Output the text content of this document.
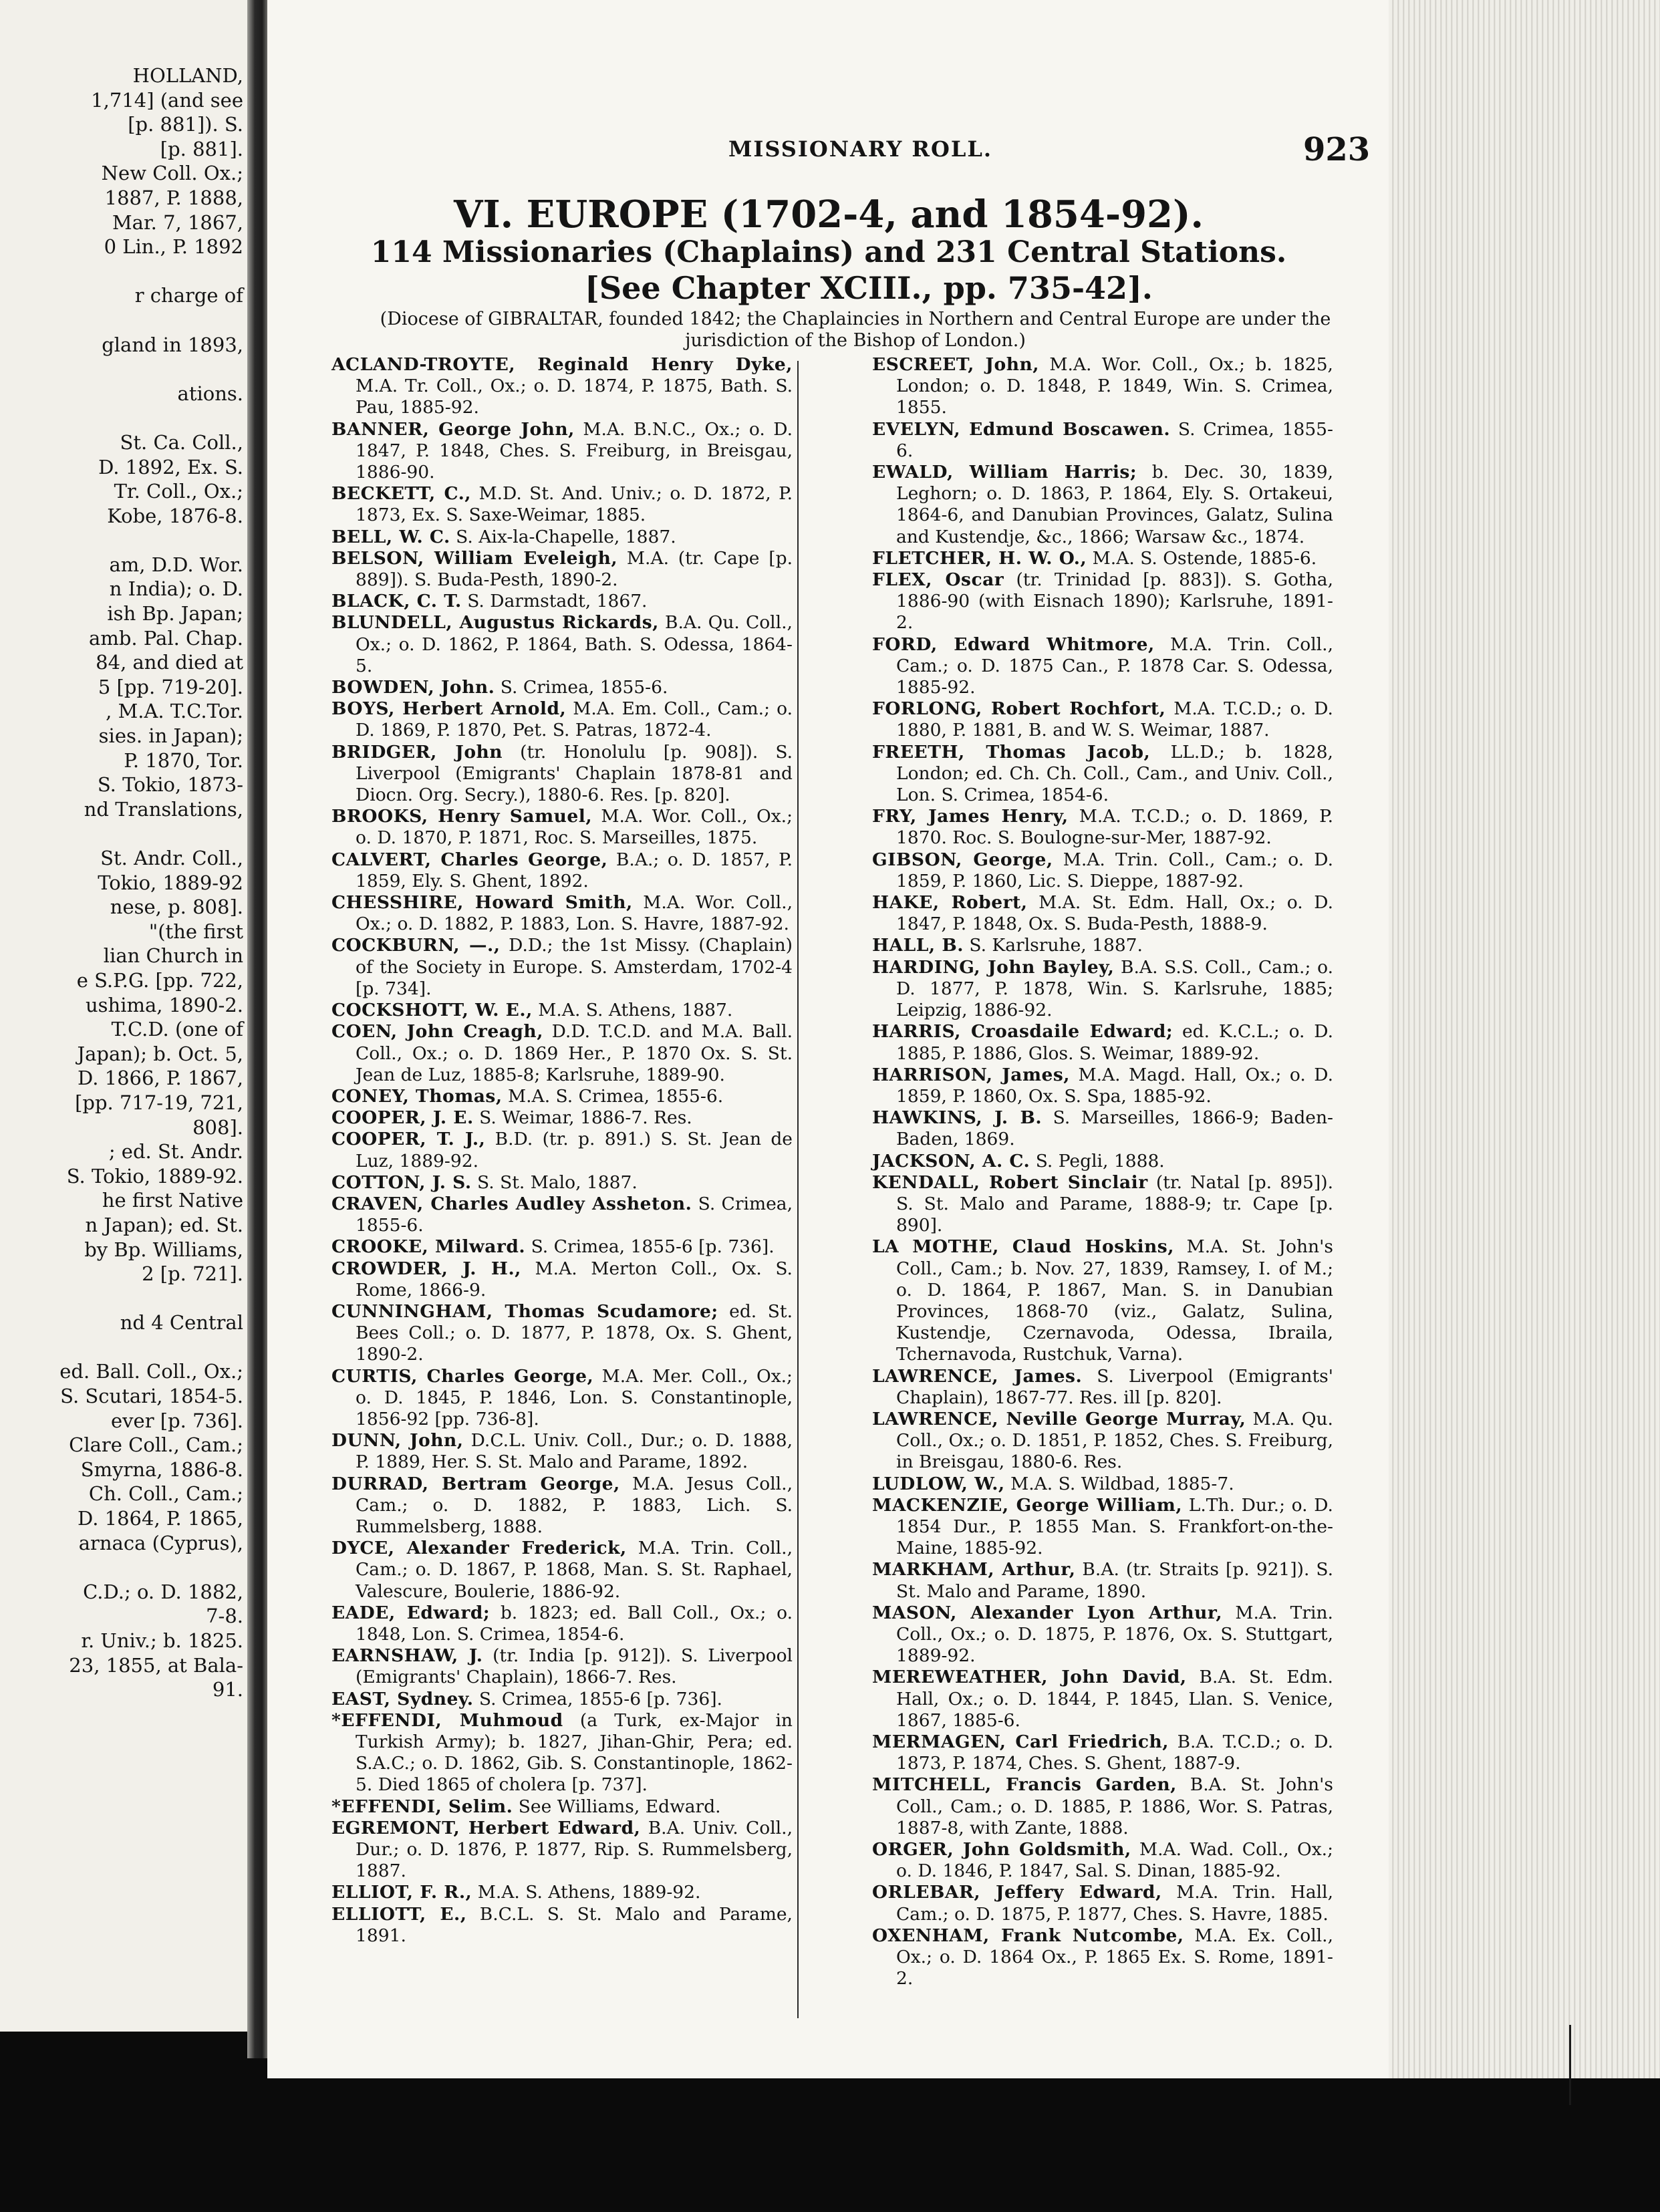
HOLLAND,
1,714] (and see
[p. 881]). S.
[p. 881].
New Coll. Ox.;
1887, P. 1888,
Mar. 7, 1867,
0 Lin., P. 1892

r charge of

gland in 1893,

ations.

St. Ca. Coll.,
D. 1892, Ex. S.
Tr. Coll., Ox.;
Kobe, 1876-8.

am, D.D. Wor.
n India); o. D.
ish Bp. Japan;
amb. Pal. Chap.
84, and died at
5 [pp. 719-20].
, M.A. T.C.Tor.
sies. in Japan);
P. 1870, Tor.
S. Tokio, 1873-
nd Translations,

St. Andr. Coll.,
Tokio, 1889-92
nese, p. 808].
"(the first
lian Church in
e S.P.G. [pp. 722,
ushima, 1890-2.
T.C.D. (one of
Japan); b. Oct. 5,
D. 1866, P. 1867,
[pp. 717-19, 721,
808].
; ed. St. Andr.
S. Tokio, 1889-92.
he first Native
n Japan); ed. St.
by Bp. Williams,
2 [p. 721].

nd 4 Central

ed. Ball. Coll., Ox.;
S. Scutari, 1854-5.
ever [p. 736].
Clare Coll., Cam.;
Smyrna, 1886-8.
Ch. Coll., Cam.;
D. 1864, P. 1865,
arnaca (Cyprus),

C.D.; o. D. 1882,
7-8.
r. Univ.; b. 1825.
23, 1855, at Bala-
91.
MISSIONARY ROLL.	923
VI. EUROPE (1702-4, and 1854-92).
114 Missionaries (Chaplains) and 231 Central Stations.
[See Chapter XCIII., pp. 735-42].
(Diocese of GIBRALTAR, founded 1842; the Chaplaincies in Northern and Central Europe are under the jurisdiction of the Bishop of London.)
ACLAND-TROYTE, Reginald Henry Dyke, M.A. Tr. Coll., Ox.; o. D. 1874, P. 1875, Bath. S. Pau, 1885-92.
BANNER, George John, M.A. B.N.C., Ox.; o. D. 1847, P. 1848, Ches. S. Freiburg, in Breisgau, 1886-90.
BECKETT, C., M.D. St. And. Univ.; o. D. 1872, P. 1873, Ex. S. Saxe-Weimar, 1885.
BELL, W. C. S. Aix-la-Chapelle, 1887.
BELSON, William Eveleigh, M.A. (tr. Cape [p. 889]). S. Buda-Pesth, 1890-2.
BLACK, C. T. S. Darmstadt, 1867.
BLUNDELL, Augustus Rickards, B.A. Qu. Coll., Ox.; o. D. 1862, P. 1864, Bath. S. Odessa, 1864-5.
BOWDEN, John. S. Crimea, 1855-6.
BOYS, Herbert Arnold, M.A. Em. Coll., Cam.; o. D. 1869, P. 1870, Pet. S. Patras, 1872-4.
BRIDGER, John (tr. Honolulu [p. 908]). S. Liverpool (Emigrants' Chaplain 1878-81 and Diocn. Org. Secry.), 1880-6. Res. [p. 820].
BROOKS, Henry Samuel, M.A. Wor. Coll., Ox.; o. D. 1870, P. 1871, Roc. S. Marseilles, 1875.
CALVERT, Charles George, B.A.; o. D. 1857, P. 1859, Ely. S. Ghent, 1892.
CHESSHIRE, Howard Smith, M.A. Wor. Coll., Ox.; o. D. 1882, P. 1883, Lon. S. Havre, 1887-92.
COCKBURN, —., D.D.; the 1st Missy. (Chaplain) of the Society in Europe. S. Amsterdam, 1702-4 [p. 734].
COCKSHOTT, W. E., M.A. S. Athens, 1887.
COEN, John Creagh, D.D. T.C.D. and M.A. Ball. Coll., Ox.; o. D. 1869 Her., P. 1870 Ox. S. St. Jean de Luz, 1885-8; Karlsruhe, 1889-90.
CONEY, Thomas, M.A. S. Crimea, 1855-6.
COOPER, J. E. S. Weimar, 1886-7. Res.
COOPER, T. J., B.D. (tr. p. 891.) S. St. Jean de Luz, 1889-92.
COTTON, J. S. S. St. Malo, 1887.
CRAVEN, Charles Audley Assheton. S. Crimea, 1855-6.
CROOKE, Milward. S. Crimea, 1855-6 [p. 736].
CROWDER, J. H., M.A. Merton Coll., Ox. S. Rome, 1866-9.
CUNNINGHAM, Thomas Scudamore; ed. St. Bees Coll.; o. D. 1877, P. 1878, Ox. S. Ghent, 1890-2.
CURTIS, Charles George, M.A. Mer. Coll., Ox.; o. D. 1845, P. 1846, Lon. S. Constantinople, 1856-92 [pp. 736-8].
DUNN, John, D.C.L. Univ. Coll., Dur.; o. D. 1888, P. 1889, Her. S. St. Malo and Parame, 1892.
DURRAD, Bertram George, M.A. Jesus Coll., Cam.; o. D. 1882, P. 1883, Lich. S. Rummelsberg, 1888.
DYCE, Alexander Frederick, M.A. Trin. Coll., Cam.; o. D. 1867, P. 1868, Man. S. St. Raphael, Valescure, Boulerie, 1886-92.
EADE, Edward; b. 1823; ed. Ball Coll., Ox.; o. 1848, Lon. S. Crimea, 1854-6.
EARNSHAW, J. (tr. India [p. 912]). S. Liverpool (Emigrants' Chaplain), 1866-7. Res.
EAST, Sydney. S. Crimea, 1855-6 [p. 736].
*EFFENDI, Muhmoud (a Turk, ex-Major in Turkish Army); b. 1827, Jihan-Ghir, Pera; ed. S.A.C.; o. D. 1862, Gib. S. Constantinople, 1862-5. Died 1865 of cholera [p. 737].
*EFFENDI, Selim. See Williams, Edward.
EGREMONT, Herbert Edward, B.A. Univ. Coll., Dur.; o. D. 1876, P. 1877, Rip. S. Rummelsberg, 1887.
ELLIOT, F. R., M.A. S. Athens, 1889-92.
ELLIOTT, E., B.C.L. S. St. Malo and Parame, 1891.
ESCREET, John, M.A. Wor. Coll., Ox.; b. 1825, London; o. D. 1848, P. 1849, Win. S. Crimea, 1855.
EVELYN, Edmund Boscawen. S. Crimea, 1855-6.
EWALD, William Harris; b. Dec. 30, 1839, Leghorn; o. D. 1863, P. 1864, Ely. S. Ortakeui, 1864-6, and Danubian Provinces, Galatz, Sulina and Kustendje, &c., 1866; Warsaw &c., 1874.
FLETCHER, H. W. O., M.A. S. Ostende, 1885-6.
FLEX, Oscar (tr. Trinidad [p. 883]). S. Gotha, 1886-90 (with Eisnach 1890); Karlsruhe, 1891-2.
FORD, Edward Whitmore, M.A. Trin. Coll., Cam.; o. D. 1875 Can., P. 1878 Car. S. Odessa, 1885-92.
FORLONG, Robert Rochfort, M.A. T.C.D.; o. D. 1880, P. 1881, B. and W. S. Weimar, 1887.
FREETH, Thomas Jacob, LL.D.; b. 1828, London; ed. Ch. Ch. Coll., Cam., and Univ. Coll., Lon. S. Crimea, 1854-6.
FRY, James Henry, M.A. T.C.D.; o. D. 1869, P. 1870. Roc. S. Boulogne-sur-Mer, 1887-92.
GIBSON, George, M.A. Trin. Coll., Cam.; o. D. 1859, P. 1860, Lic. S. Dieppe, 1887-92.
HAKE, Robert, M.A. St. Edm. Hall, Ox.; o. D. 1847, P. 1848, Ox. S. Buda-Pesth, 1888-9.
HALL, B. S. Karlsruhe, 1887.
HARDING, John Bayley, B.A. S.S. Coll., Cam.; o. D. 1877, P. 1878, Win. S. Karlsruhe, 1885; Leipzig, 1886-92.
HARRIS, Croasdaile Edward; ed. K.C.L.; o. D. 1885, P. 1886, Glos. S. Weimar, 1889-92.
HARRISON, James, M.A. Magd. Hall, Ox.; o. D. 1859, P. 1860, Ox. S. Spa, 1885-92.
HAWKINS, J. B. S. Marseilles, 1866-9; Baden-Baden, 1869.
JACKSON, A. C. S. Pegli, 1888.
KENDALL, Robert Sinclair (tr. Natal [p. 895]). S. St. Malo and Parame, 1888-9; tr. Cape [p. 890].
LA MOTHE, Claud Hoskins, M.A. St. John's Coll., Cam.; b. Nov. 27, 1839, Ramsey, I. of M.; o. D. 1864, P. 1867, Man. S. in Danubian Provinces, 1868-70 (viz., Galatz, Sulina, Kustendje, Czernavoda, Odessa, Ibraila, Tchernavoda, Rustchuk, Varna).
LAWRENCE, James. S. Liverpool (Emigrants' Chaplain), 1867-77. Res. ill [p. 820].
LAWRENCE, Neville George Murray, M.A. Qu. Coll., Ox.; o. D. 1851, P. 1852, Ches. S. Freiburg, in Breisgau, 1880-6. Res.
LUDLOW, W., M.A. S. Wildbad, 1885-7.
MACKENZIE, George William, L.Th. Dur.; o. D. 1854 Dur., P. 1855 Man. S. Frankfort-on-the-Maine, 1885-92.
MARKHAM, Arthur, B.A. (tr. Straits [p. 921]). S. St. Malo and Parame, 1890.
MASON, Alexander Lyon Arthur, M.A. Trin. Coll., Ox.; o. D. 1875, P. 1876, Ox. S. Stuttgart, 1889-92.
MEREWEATHER, John David, B.A. St. Edm. Hall, Ox.; o. D. 1844, P. 1845, Llan. S. Venice, 1867, 1885-6.
MERMAGEN, Carl Friedrich, B.A. T.C.D.; o. D. 1873, P. 1874, Ches. S. Ghent, 1887-9.
MITCHELL, Francis Garden, B.A. St. John's Coll., Cam.; o. D. 1885, P. 1886, Wor. S. Patras, 1887-8, with Zante, 1888.
ORGER, John Goldsmith, M.A. Wad. Coll., Ox.; o. D. 1846, P. 1847, Sal. S. Dinan, 1885-92.
ORLEBAR, Jeffery Edward, M.A. Trin. Hall, Cam.; o. D. 1875, P. 1877, Ches. S. Havre, 1885.
OXENHAM, Frank Nutcombe, M.A. Ex. Coll., Ox.; o. D. 1864 Ox., P. 1865 Ex. S. Rome, 1891-2.
